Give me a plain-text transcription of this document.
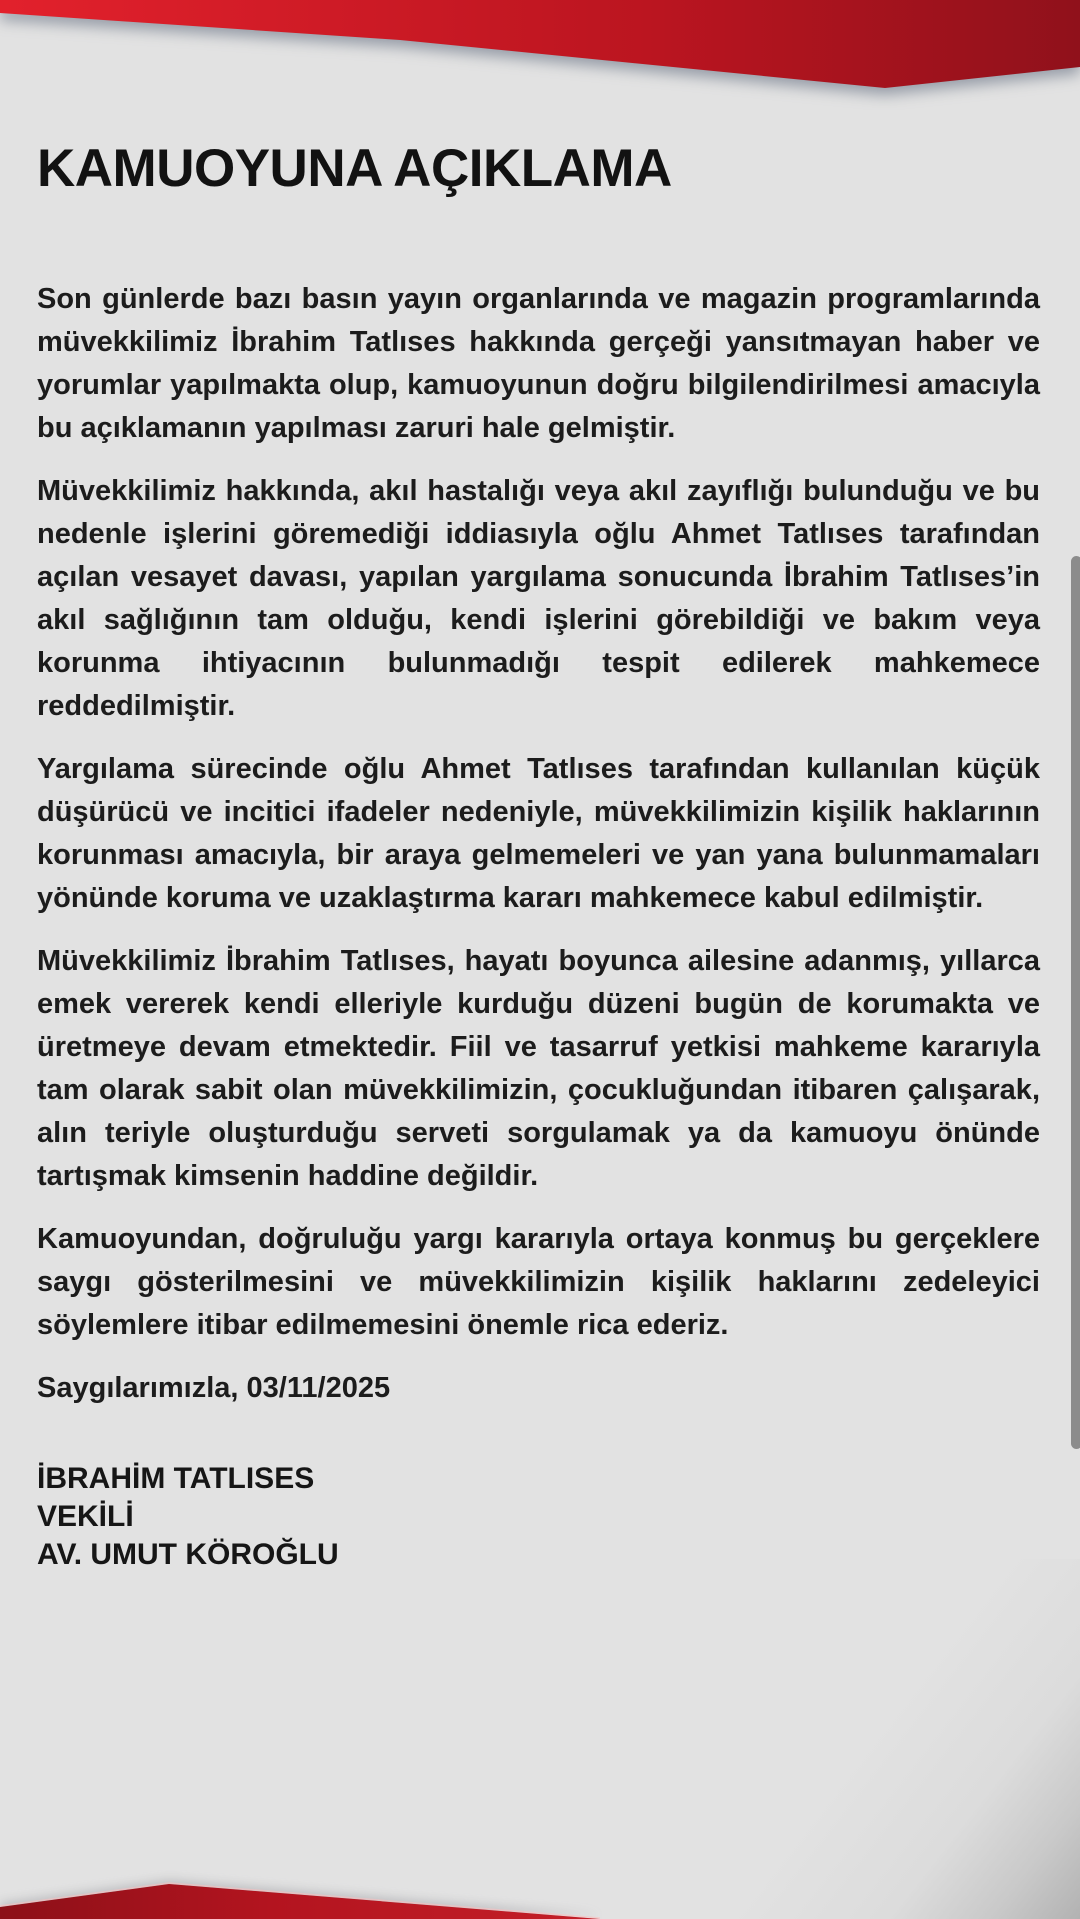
KAMUOYUNA AÇIKLAMA

Son günlerde bazı basın yayın organlarında ve magazin programlarında müvekkilimiz İbrahim Tatlıses hakkında gerçeği yansıtmayan haber ve yorumlar yapılmakta olup, kamuoyunun doğru bilgilendirilmesi amacıyla bu açıklamanın yapılması zaruri hale gelmiştir.

Müvekkilimiz hakkında, akıl hastalığı veya akıl zayıflığı bulunduğu ve bu nedenle işlerini göremediği iddiasıyla oğlu Ahmet Tatlıses tarafından açılan vesayet davası, yapılan yargılama sonucunda İbrahim Tatlıses’in akıl sağlığının tam olduğu, kendi işlerini görebildiği ve bakım veya korunma ihtiyacının bulunmadığı tespit edilerek mahkemece reddedilmiştir.

Yargılama sürecinde oğlu Ahmet Tatlıses tarafından kullanılan küçük düşürücü ve incitici ifadeler nedeniyle, müvekkilimizin kişilik haklarının korunması amacıyla, bir araya gelmemeleri ve yan yana bulunmamaları yönünde koruma ve uzaklaştırma kararı mahkemece kabul edilmiştir.

Müvekkilimiz İbrahim Tatlıses, hayatı boyunca ailesine adanmış, yıllarca emek vererek kendi elleriyle kurduğu düzeni bugün de korumakta ve üretmeye devam etmektedir. Fiil ve tasarruf yetkisi mahkeme kararıyla tam olarak sabit olan müvekkilimizin, çocukluğundan itibaren çalışarak, alın teriyle oluşturduğu serveti sorgulamak ya da kamuoyu önünde tartışmak kimsenin haddine değildir.

Kamuoyundan, doğruluğu yargı kararıyla ortaya konmuş bu gerçeklere saygı gösterilmesini ve müvekkilimizin kişilik haklarını zedeleyici söylemlere itibar edilmemesini önemle rica ederiz.

Saygılarımızla, 03/11/2025

İBRAHİM TATLISES
VEKİLİ
AV. UMUT KÖROĞLU
